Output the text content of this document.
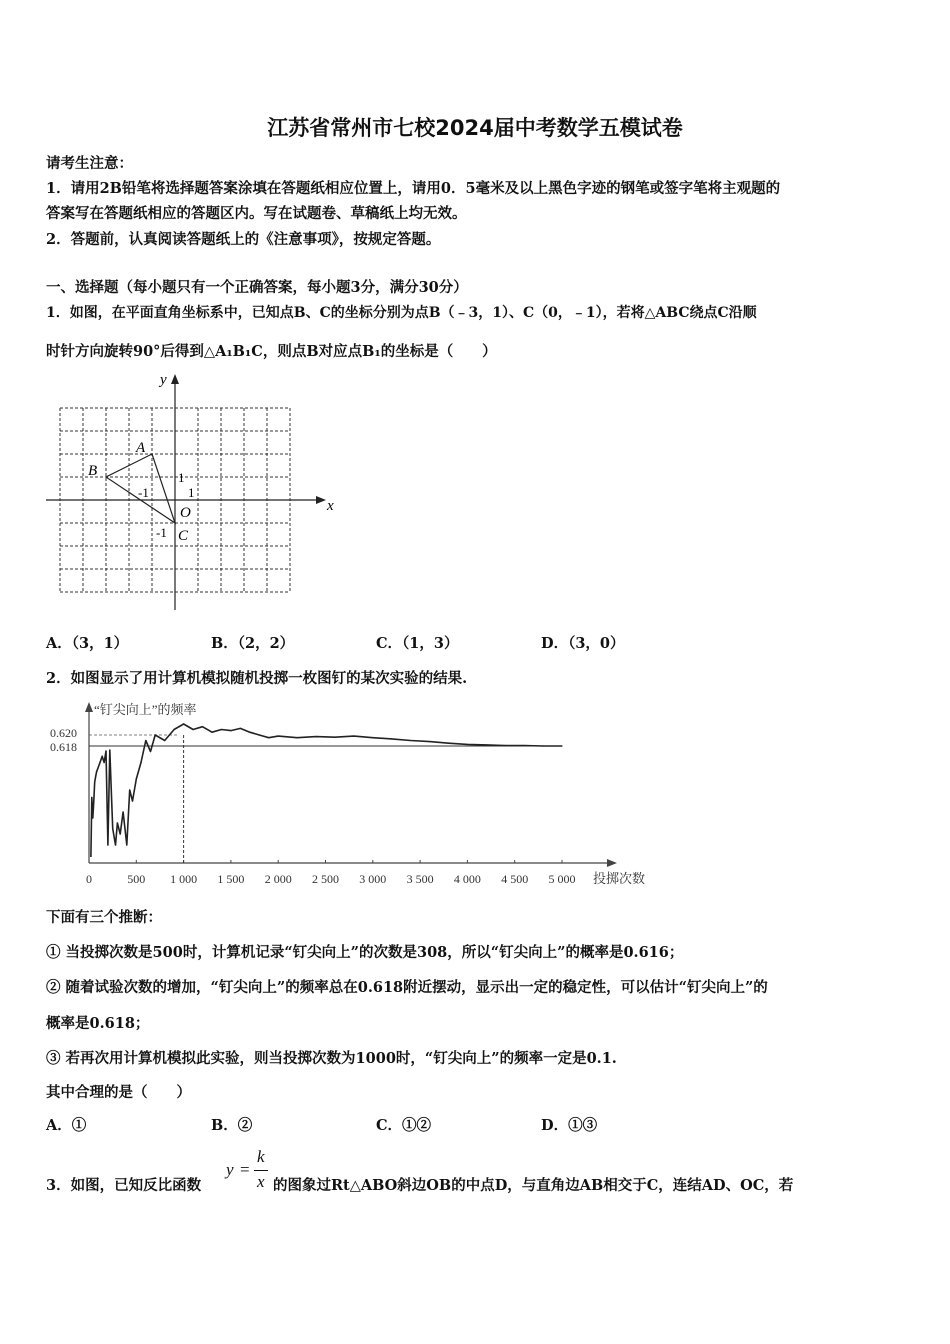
江苏省常州市七校2024届中考数学五模试卷
请考生注意：
1．请用2B铅笔将选择题答案涂填在答题纸相应位置上，请用0．5毫米及以上黑色字迹的钢笔或签字笔将主观题的
答案写在答题纸相应的答题区内。写在试题卷、草稿纸上均无效。
2．答题前，认真阅读答题纸上的《注意事项》，按规定答题。
一、选择题（每小题只有一个正确答案，每小题3分，满分30分）
1．如图，在平面直角坐标系中，已知点B、C的坐标分别为点B（﹣3，1）、C（0，﹣1），若将△ABC绕点C沿顺
时针方向旋转90°后得到△A₁B₁C，则点B对应点B₁的坐标是（　　）
y
x
A
B
O
C
-1	1
1
-1
A．（3，1）	B．（2，2）	C．（1，3）	D．（3，0）
2．如图显示了用计算机模拟随机投掷一枚图钉的某次实验的结果.
“钉尖向上”的频率
投掷次数
0.620
0.618
0	500 1 000 1 500 2 000 2 500 3 000 3 500 4 000 4 500 5 000
下面有三个推断：
① 当投掷次数是500时，计算机记录“钉尖向上”的次数是308，所以“钉尖向上”的概率是0.616；
② 随着试验次数的增加，“钉尖向上”的频率总在0.618附近摆动，显示出一定的稳定性，可以估计“钉尖向上”的
概率是0.618；
③ 若再次用计算机模拟此实验，则当投掷次数为1000时，“钉尖向上”的频率一定是0.1.
其中合理的是（　　）
A．①	B．②	C．①②	D．①③
3．如图，已知反比函数
y =
k
x 的图象过Rt△ABO斜边OB的中点D，与直角边AB相交于C，连结AD、OC，若
